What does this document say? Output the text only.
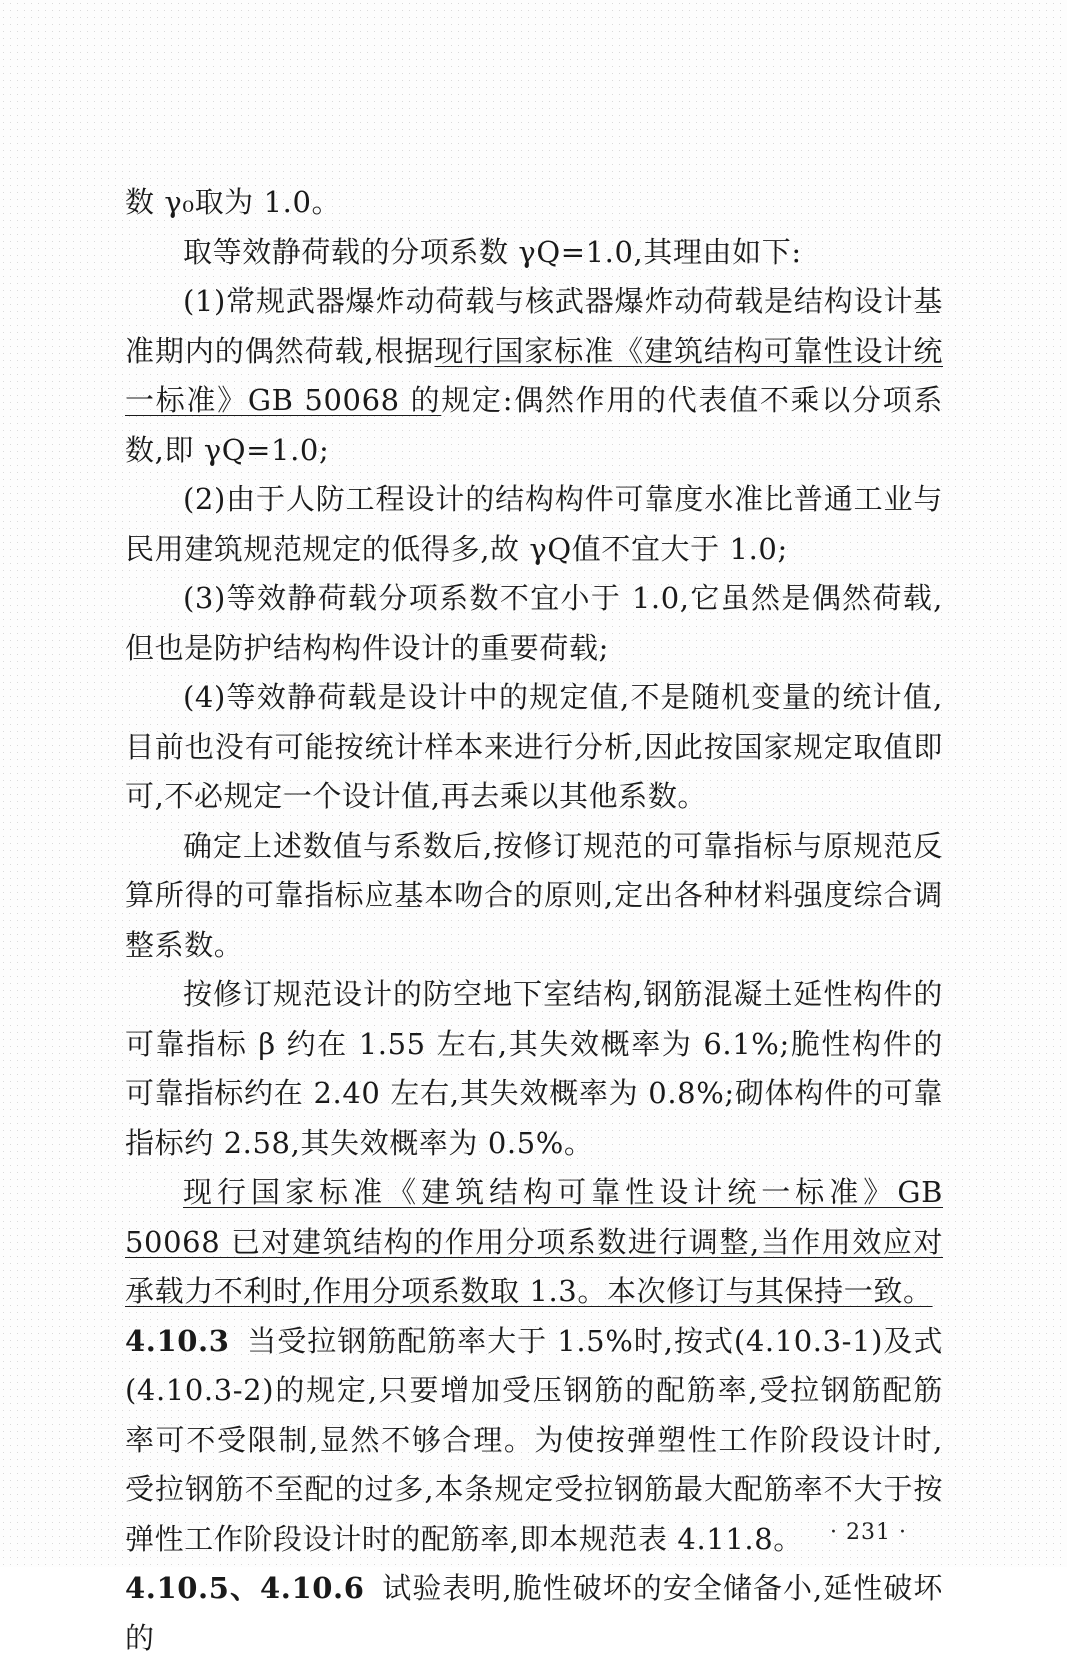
数 γ₀取为 1.0。

取等效静荷载的分项系数 γQ=1.0,其理由如下:

(1)常规武器爆炸动荷载与核武器爆炸动荷载是结构设计基准期内的偶然荷载,根据现行国家标准《建筑结构可靠性设计统一标准》GB 50068 的规定:偶然作用的代表值不乘以分项系数,即 γQ=1.0;

(2)由于人防工程设计的结构构件可靠度水准比普通工业与民用建筑规范规定的低得多,故 γQ值不宜大于 1.0;

(3)等效静荷载分项系数不宜小于 1.0,它虽然是偶然荷载,但也是防护结构构件设计的重要荷载;

(4)等效静荷载是设计中的规定值,不是随机变量的统计值,目前也没有可能按统计样本来进行分析,因此按国家规定取值即可,不必规定一个设计值,再去乘以其他系数。

确定上述数值与系数后,按修订规范的可靠指标与原规范反算所得的可靠指标应基本吻合的原则,定出各种材料强度综合调整系数。

按修订规范设计的防空地下室结构,钢筋混凝土延性构件的可靠指标 β 约在 1.55 左右,其失效概率为 6.1%;脆性构件的可靠指标约在 2.40 左右,其失效概率为 0.8%;砌体构件的可靠指标约 2.58,其失效概率为 0.5%。

现行国家标准《建筑结构可靠性设计统一标准》GB 50068 已对建筑结构的作用分项系数进行调整,当作用效应对承载力不利时,作用分项系数取 1.3。本次修订与其保持一致。

4.10.3 当受拉钢筋配筋率大于 1.5%时,按式(4.10.3-1)及式(4.10.3-2)的规定,只要增加受压钢筋的配筋率,受拉钢筋配筋率可不受限制,显然不够合理。为使按弹塑性工作阶段设计时,受拉钢筋不至配的过多,本条规定受拉钢筋最大配筋率不大于按弹性工作阶段设计时的配筋率,即本规范表 4.11.8。

4.10.5、4.10.6 试验表明,脆性破坏的安全储备小,延性破坏的

· 231 ·
